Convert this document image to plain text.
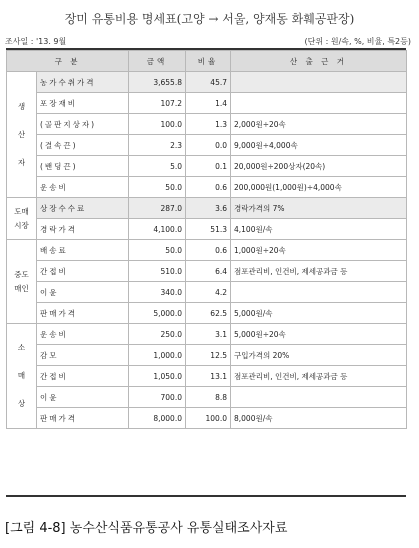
장미 유통비용 명세표(고양 → 서울, 양재동 화훼공판장)
조사일 : '13. 9월	(단위 : 원/속, %, 비율, 특2등)
구 분		금액	비율	산 출 근 거
생

산

자	농가수취가격	3,655.8	45.7	
	포장재비	107.2	1.4	
	(골판지상자)	100.0	1.3	2,000원÷20속
	(결속끈)	2.3	0.0	9,000원÷4,000속
	(밴딩끈)	5.0	0.1	20,000원÷200상자(20속)
	운송비	50.0	0.6	200,000원(1,000원)÷4,000속
도매
시장	상장수수료	287.0	3.6	경락가격의 7%
	경락가격	4,100.0	51.3	4,100원/속
중도
매인	배송료	50.0	0.6	1,000원÷20속
	간접비	510.0	6.4	점포관리비, 인건비, 제세공과금 등
	이윤	340.0	4.2	
	판매가격	5,000.0	62.5	5,000원/속
소

매

상	운송비	250.0	3.1	5,000원÷20속
	감모	1,000.0	12.5	구입가격의 20%
	간접비	1,050.0	13.1	점포관리비, 인건비, 제세공과금 등
	이윤	700.0	8.8	
	판매가격	8,000.0	100.0	8,000원/속
[그림 4-8] 농수산식품유통공사 유통실태조사자료
